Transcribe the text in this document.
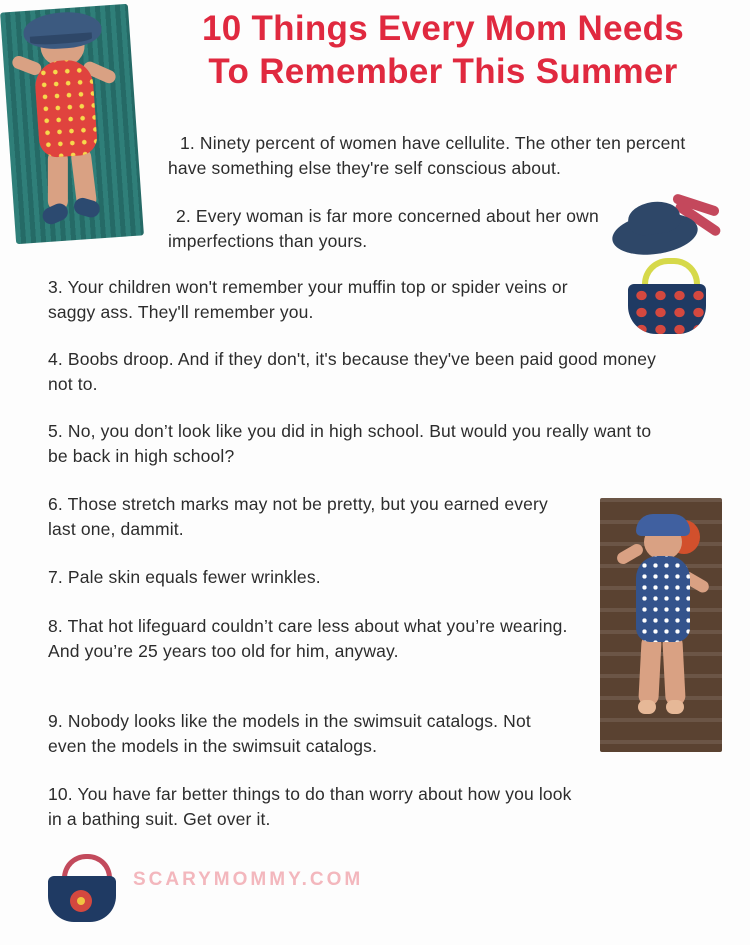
10 Things Every Mom Needs
To Remember This Summer
1. Ninety percent of women have cellulite. The other ten percent have something else they're self conscious about.
2. Every woman is far more concerned about her own imperfections than yours.
3. Your children won't remember your muffin top or spider veins or saggy ass. They'll remember you.
4. Boobs droop. And if they don't, it's because they've been paid good money not to.
5. No, you don’t look like you did in high school. But would you really want to be back in high school?
6. Those stretch marks may not be pretty, but you earned every last one, dammit.
7. Pale skin equals fewer wrinkles.
8. That hot lifeguard couldn’t care less about what you’re wearing. And you’re 25 years too old for him, anyway.
9. Nobody looks like the models in the swimsuit catalogs. Not even the models in the swimsuit catalogs.
10. You have far better things to do than worry about how you look in a bathing suit. Get over it.
SCARYMOMMY.COM
